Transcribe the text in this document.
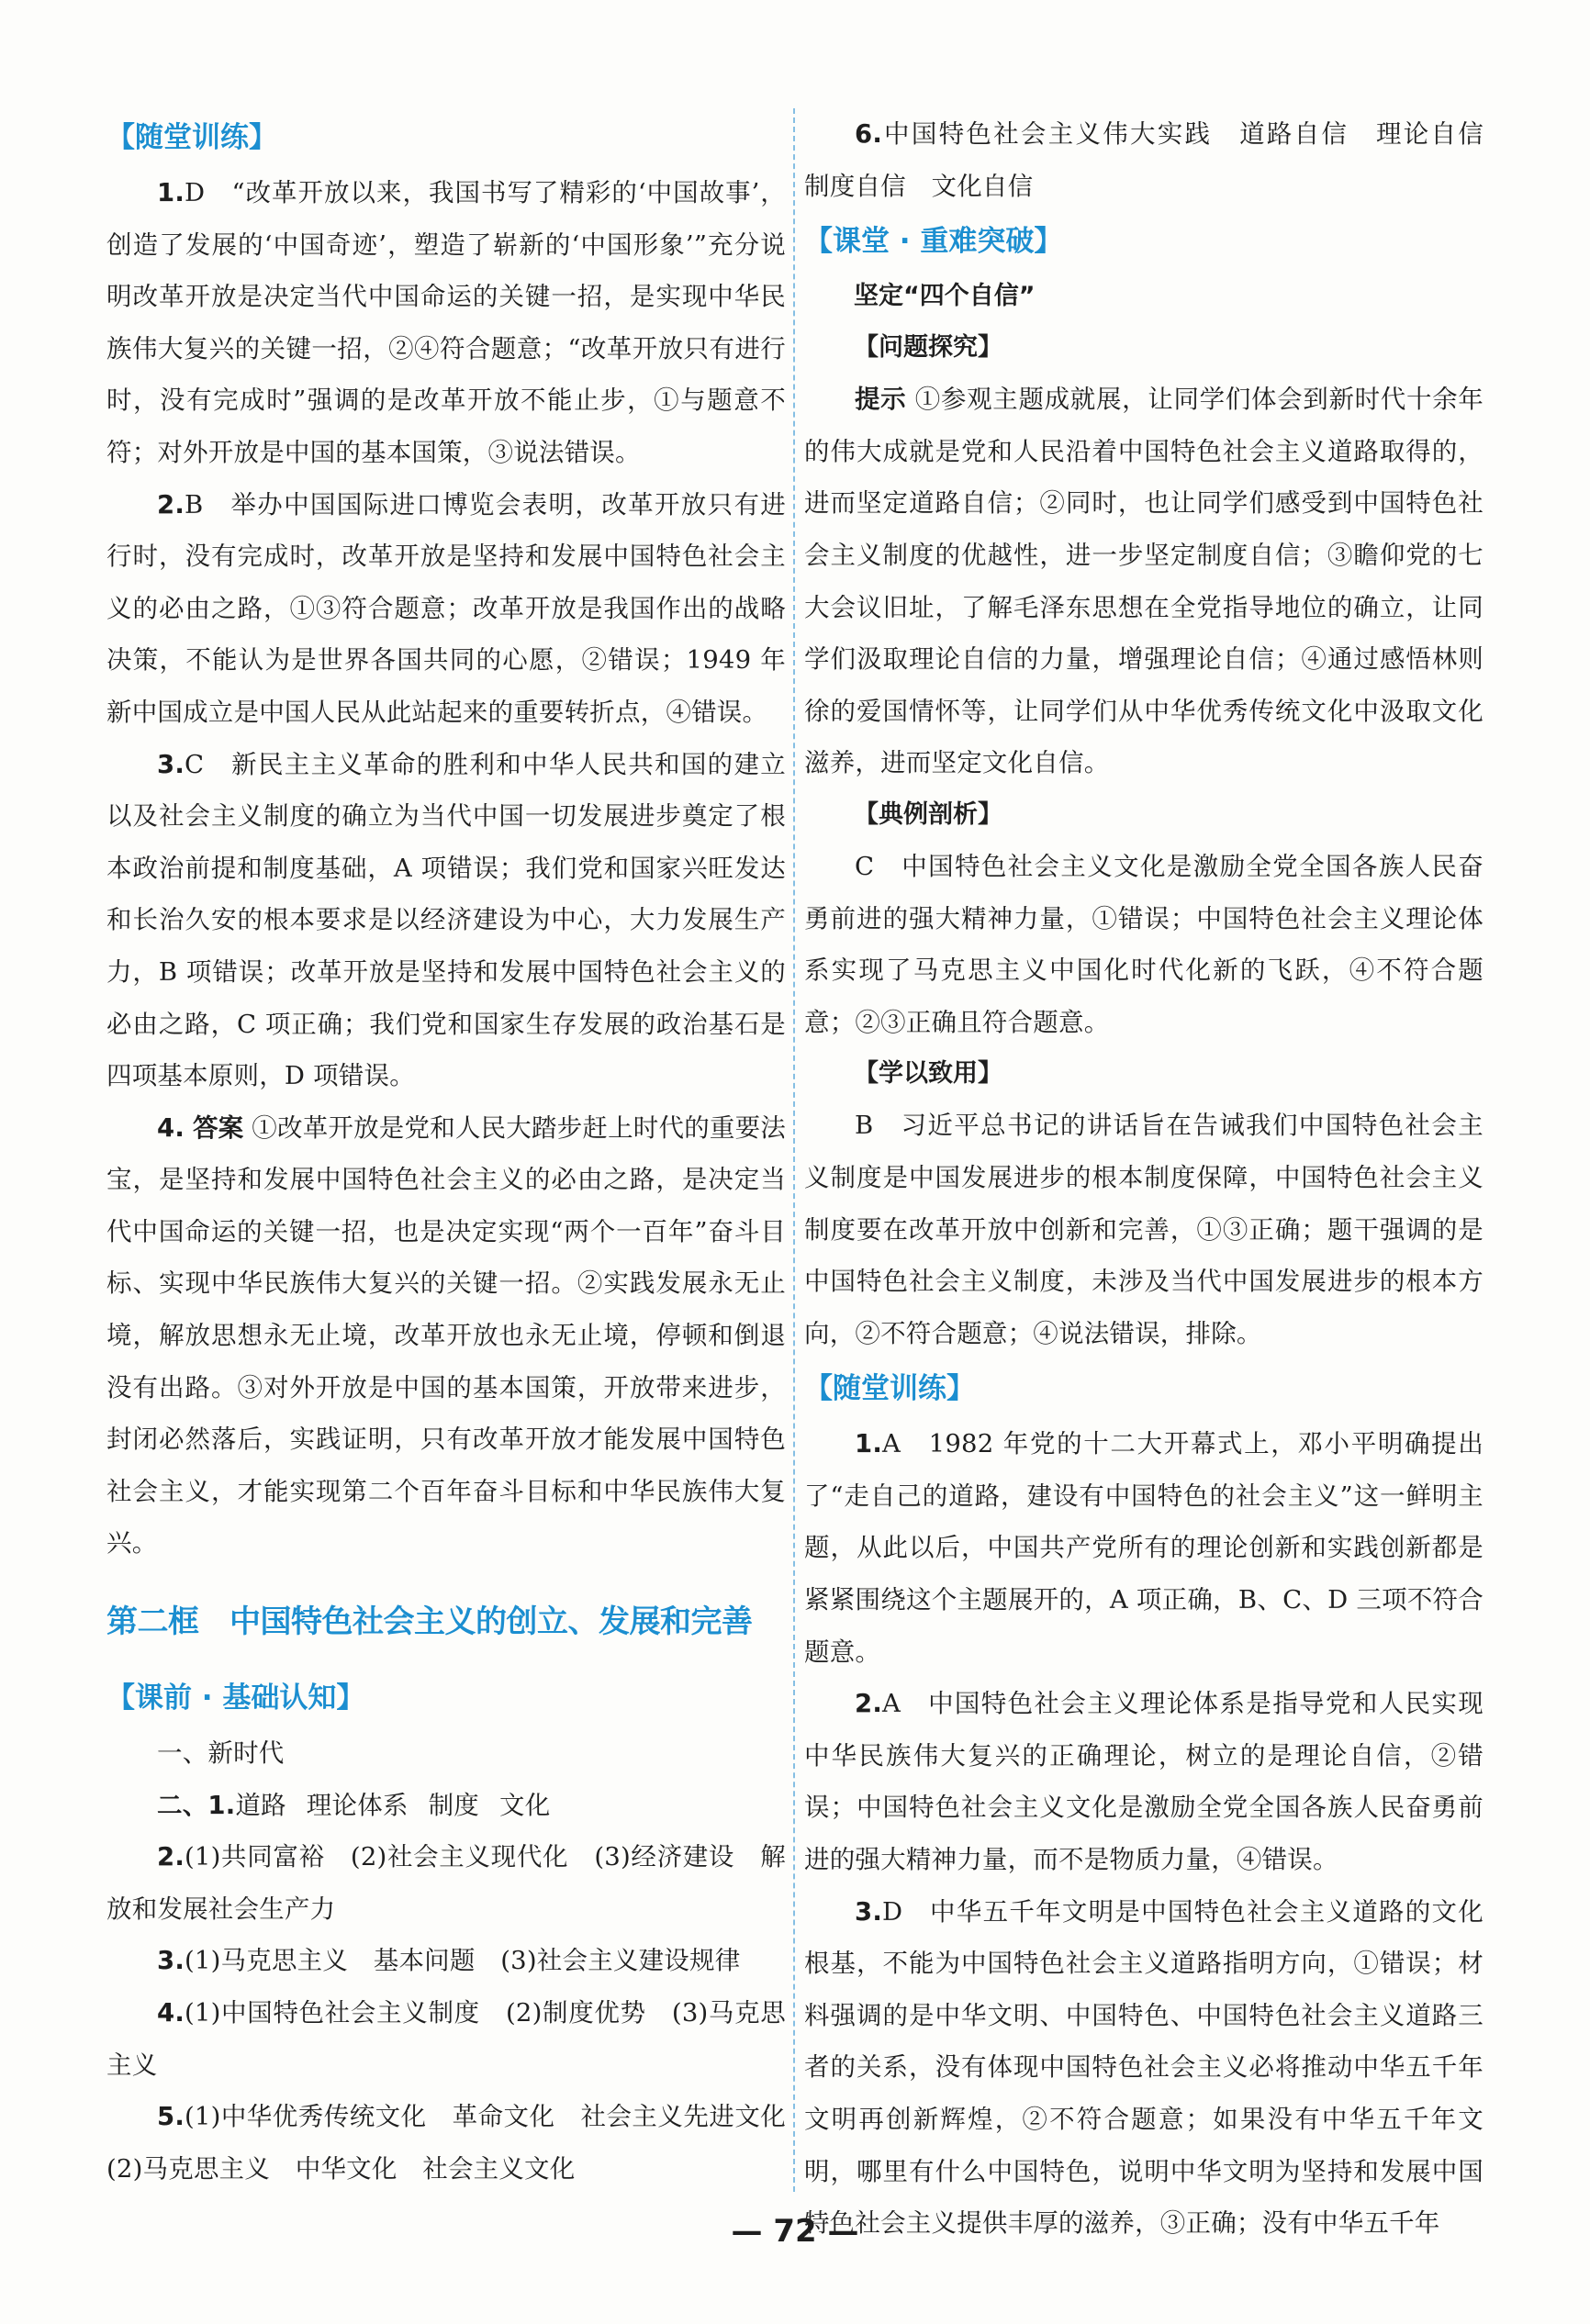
【随堂训练】

1.D　“改革开放以来，我国书写了精彩的‘中国故事’，创造了发展的‘中国奇迹’，塑造了崭新的‘中国形象’”充分说明改革开放是决定当代中国命运的关键一招，是实现中华民族伟大复兴的关键一招，②④符合题意；“改革开放只有进行时，没有完成时”强调的是改革开放不能止步，①与题意不符；对外开放是中国的基本国策，③说法错误。

2.B　举办中国国际进口博览会表明，改革开放只有进行时，没有完成时，改革开放是坚持和发展中国特色社会主义的必由之路，①③符合题意；改革开放是我国作出的战略决策，不能认为是世界各国共同的心愿，②错误；1949 年新中国成立是中国人民从此站起来的重要转折点，④错误。

3.C　新民主主义革命的胜利和中华人民共和国的建立以及社会主义制度的确立为当代中国一切发展进步奠定了根本政治前提和制度基础，A 项错误；我们党和国家兴旺发达和长治久安的根本要求是以经济建设为中心，大力发展生产力，B 项错误；改革开放是坚持和发展中国特色社会主义的必由之路，C 项正确；我们党和国家生存发展的政治基石是四项基本原则，D 项错误。

4. 答案 ①改革开放是党和人民大踏步赶上时代的重要法宝，是坚持和发展中国特色社会主义的必由之路，是决定当代中国命运的关键一招，也是决定实现“两个一百年”奋斗目标、实现中华民族伟大复兴的关键一招。②实践发展永无止境，解放思想永无止境，改革开放也永无止境，停顿和倒退没有出路。③对外开放是中国的基本国策，开放带来进步，封闭必然落后，实践证明，只有改革开放才能发展中国特色社会主义，才能实现第二个百年奋斗目标和中华民族伟大复兴。

第二框　中国特色社会主义的创立、发展和完善

【课前 · 基础认知】

一、新时代

二、1.道路 理论体系 制度 文化

2.(1)共同富裕　(2)社会主义现代化　(3)经济建设　解放和发展社会生产力

3.(1)马克思主义　基本问题　(3)社会主义建设规律

4.(1)中国特色社会主义制度　(2)制度优势　(3)马克思主义

5.(1)中华优秀传统文化　革命文化　社会主义先进文化　(2)马克思主义　中华文化　社会主义文化

6.中国特色社会主义伟大实践　道路自信　理论自信　制度自信　文化自信

【课堂 · 重难突破】

坚定“四个自信”

【问题探究】

提示 ①参观主题成就展，让同学们体会到新时代十余年的伟大成就是党和人民沿着中国特色社会主义道路取得的，进而坚定道路自信；②同时，也让同学们感受到中国特色社会主义制度的优越性，进一步坚定制度自信；③瞻仰党的七大会议旧址，了解毛泽东思想在全党指导地位的确立，让同学们汲取理论自信的力量，增强理论自信；④通过感悟林则徐的爱国情怀等，让同学们从中华优秀传统文化中汲取文化滋养，进而坚定文化自信。

【典例剖析】

C　中国特色社会主义文化是激励全党全国各族人民奋勇前进的强大精神力量，①错误；中国特色社会主义理论体系实现了马克思主义中国化时代化新的飞跃，④不符合题意；②③正确且符合题意。

【学以致用】

B　习近平总书记的讲话旨在告诫我们中国特色社会主义制度是中国发展进步的根本制度保障，中国特色社会主义制度要在改革开放中创新和完善，①③正确；题干强调的是中国特色社会主义制度，未涉及当代中国发展进步的根本方向，②不符合题意；④说法错误，排除。

【随堂训练】

1.A　1982 年党的十二大开幕式上，邓小平明确提出了“走自己的道路，建设有中国特色的社会主义”这一鲜明主题，从此以后，中国共产党所有的理论创新和实践创新都是紧紧围绕这个主题展开的，A 项正确，B、C、D 三项不符合题意。

2.A　中国特色社会主义理论体系是指导党和人民实现中华民族伟大复兴的正确理论，树立的是理论自信，②错误；中国特色社会主义文化是激励全党全国各族人民奋勇前进的强大精神力量，而不是物质力量，④错误。

3.D　中华五千年文明是中国特色社会主义道路的文化根基，不能为中国特色社会主义道路指明方向，①错误；材料强调的是中华文明、中国特色、中国特色社会主义道路三者的关系，没有体现中国特色社会主义必将推动中华五千年文明再创新辉煌，②不符合题意；如果没有中华五千年文明，哪里有什么中国特色，说明中华文明为坚持和发展中国特色社会主义提供丰厚的滋养，③正确；没有中华五千年

— 72 —
